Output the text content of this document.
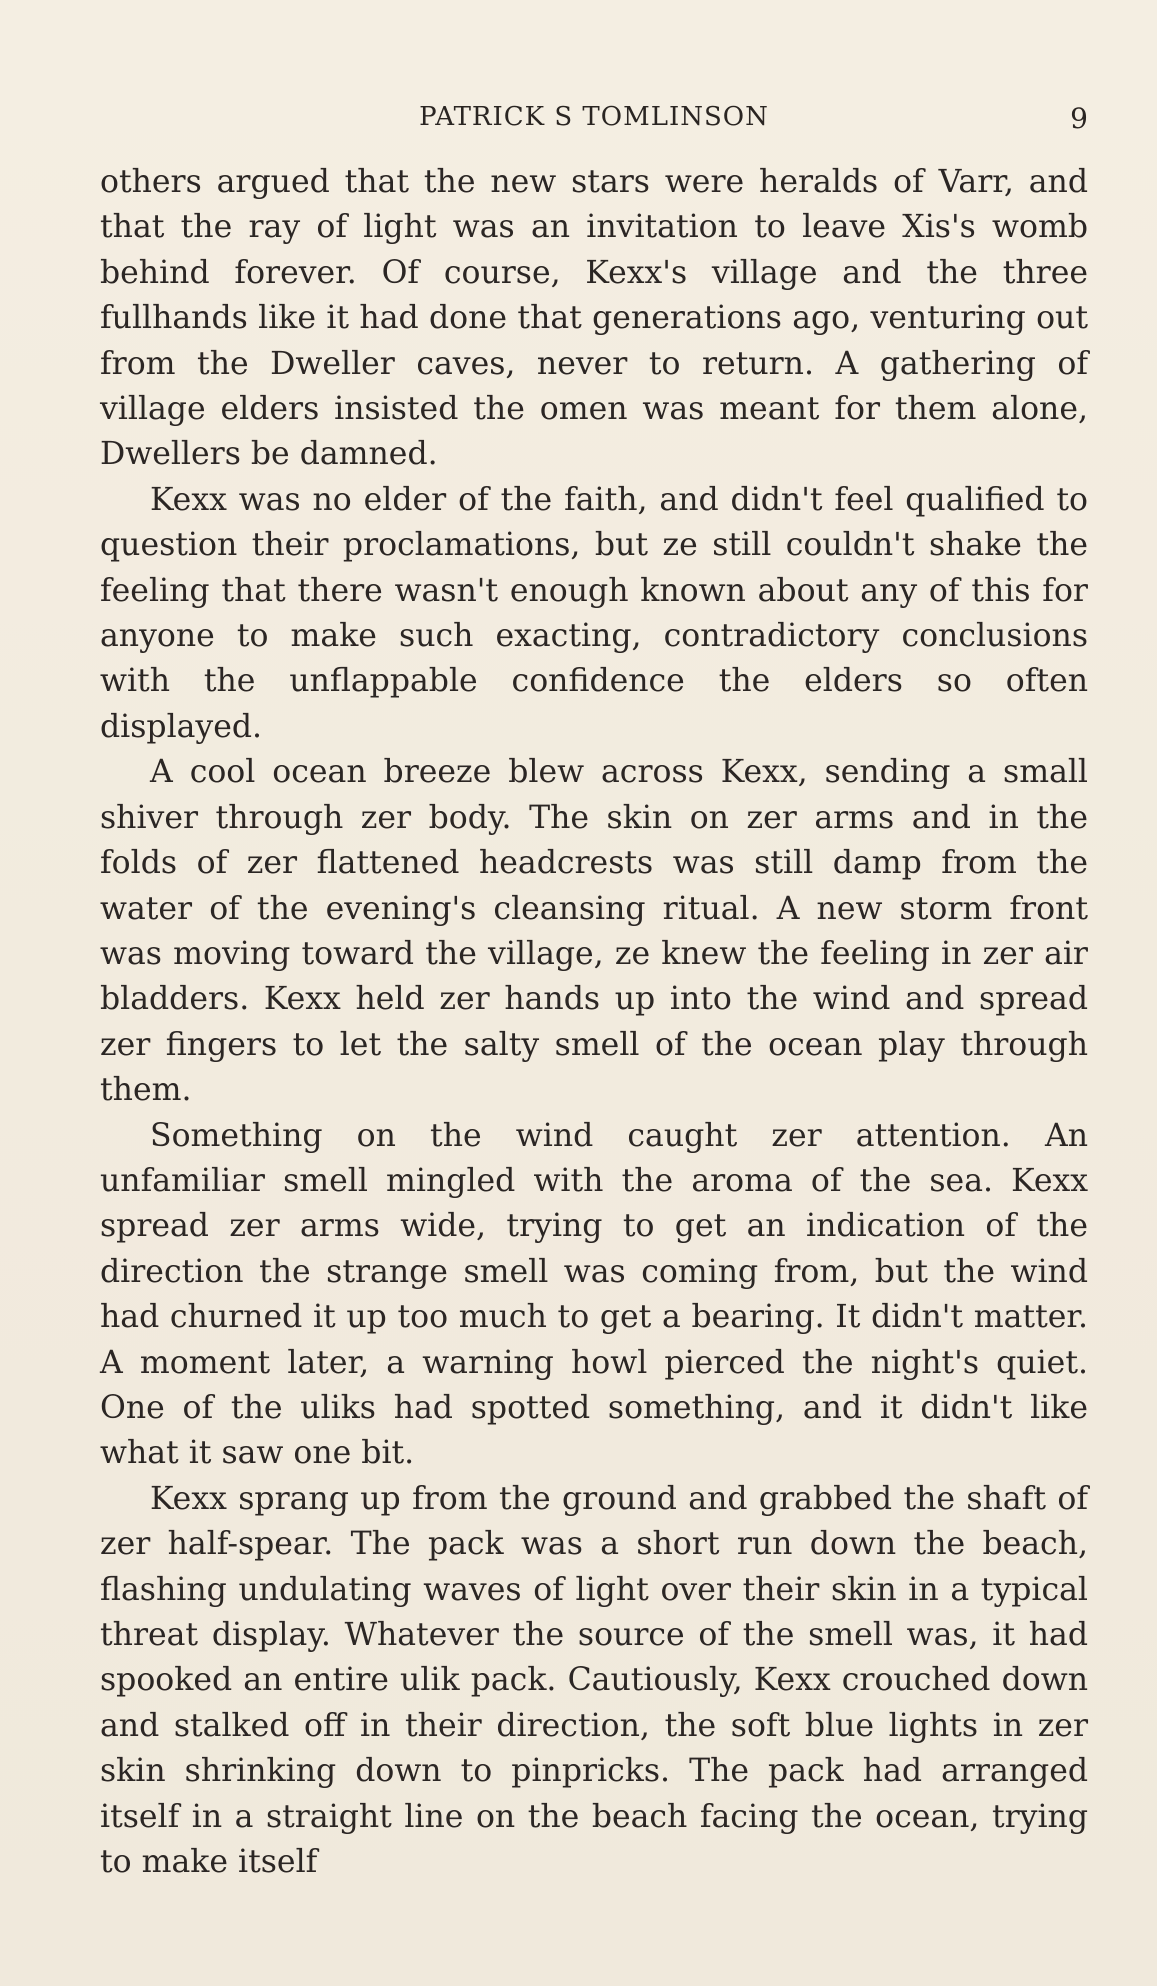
PATRICK S TOMLINSON	9

others argued that the new stars were heralds of Varr, and that the ray of light was an invitation to leave Xis's womb behind forever. Of course, Kexx's village and the three fullhands like it had done that generations ago, venturing out from the Dweller caves, never to return. A gathering of village elders insisted the omen was meant for them alone, Dwellers be damned.

Kexx was no elder of the faith, and didn't feel qualified to question their proclamations, but ze still couldn't shake the feeling that there wasn't enough known about any of this for anyone to make such exacting, contradictory conclusions with the unflappable confidence the elders so often displayed.

A cool ocean breeze blew across Kexx, sending a small shiver through zer body. The skin on zer arms and in the folds of zer flattened headcrests was still damp from the water of the evening's cleansing ritual. A new storm front was moving toward the village, ze knew the feeling in zer air bladders. Kexx held zer hands up into the wind and spread zer fingers to let the salty smell of the ocean play through them.

Something on the wind caught zer attention. An unfamiliar smell mingled with the aroma of the sea. Kexx spread zer arms wide, trying to get an indication of the direction the strange smell was coming from, but the wind had churned it up too much to get a bearing. It didn't matter. A moment later, a warning howl pierced the night's quiet. One of the uliks had spotted something, and it didn't like what it saw one bit.

Kexx sprang up from the ground and grabbed the shaft of zer half-spear. The pack was a short run down the beach, flashing undulating waves of light over their skin in a typical threat display. Whatever the source of the smell was, it had spooked an entire ulik pack. Cautiously, Kexx crouched down and stalked off in their direction, the soft blue lights in zer skin shrinking down to pinpricks. The pack had arranged itself in a straight line on the beach facing the ocean, trying to make itself
